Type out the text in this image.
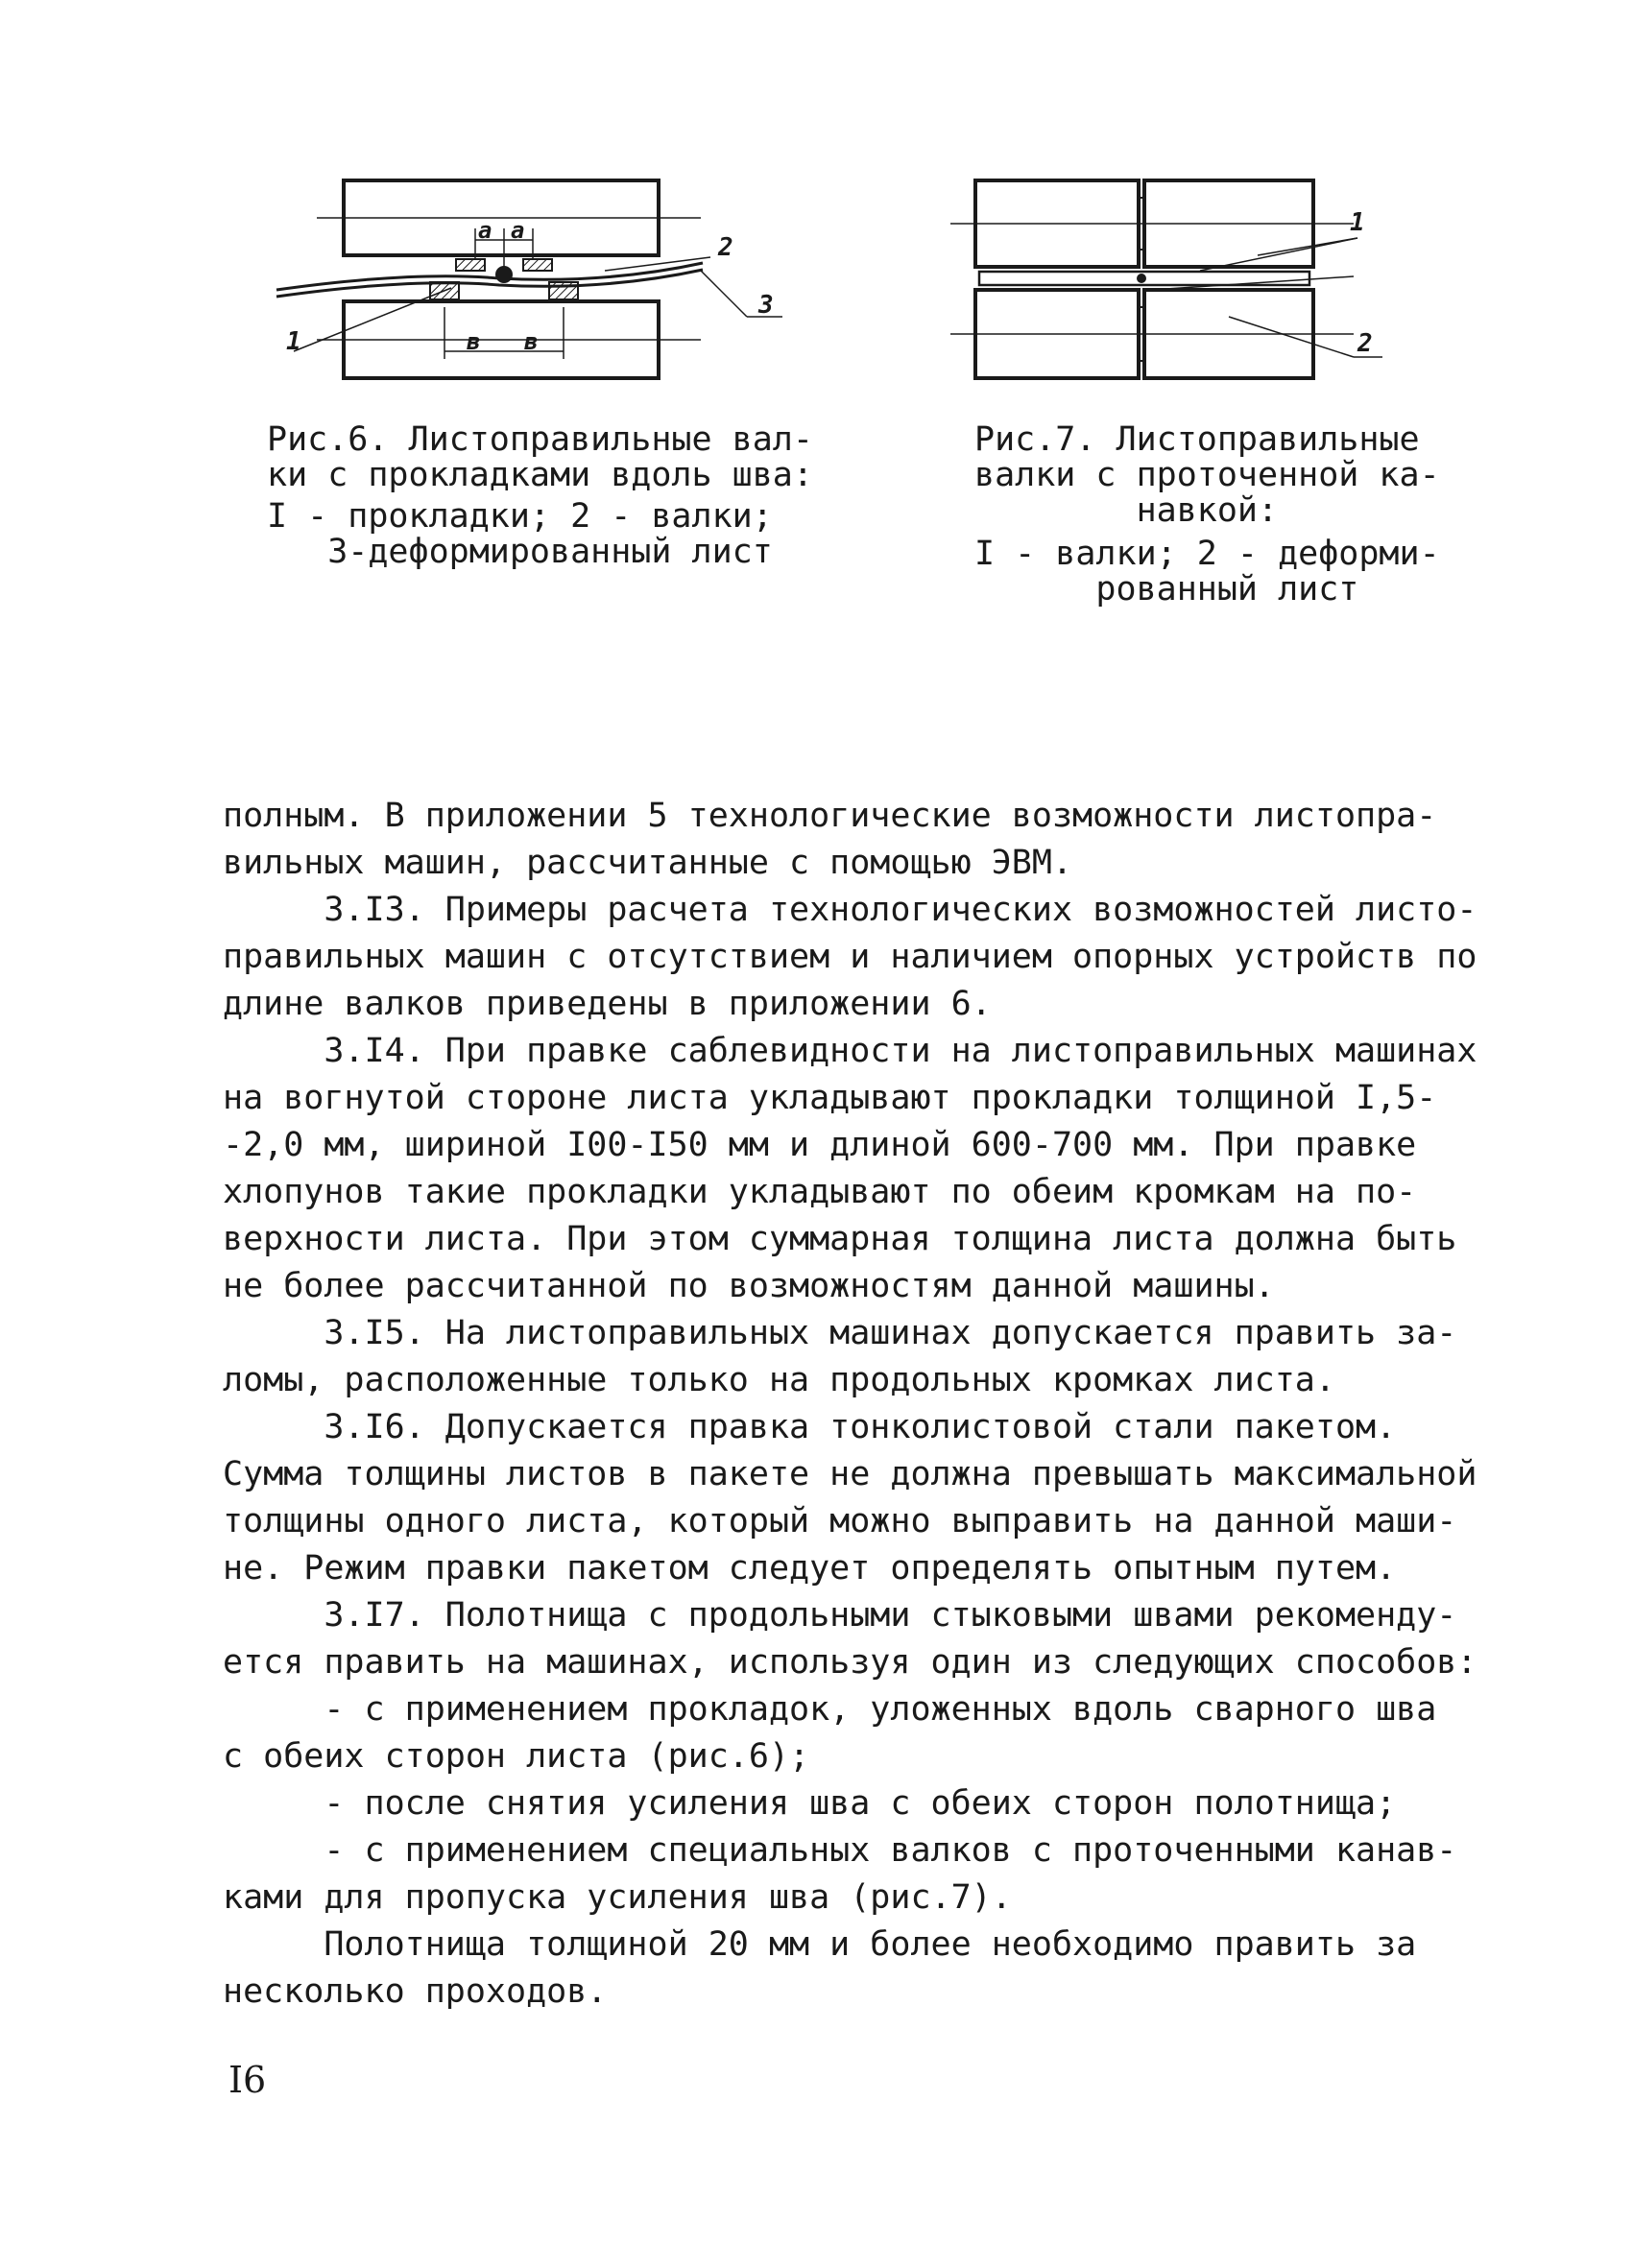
a a
в в
1
2
3
Рис.6. Листоправильные вал-
ки с прокладками вдоль шва:
I - прокладки; 2 - валки;
3-деформированный лист
1
2
Рис.7. Листоправильные
валки с проточенной ка-
навкой:
I - валки; 2 - деформи-
рованный лист

полным. В приложении 5 технологические возможности листопра-

вильных машин, рассчитанные с помощью ЭВМ.

3.I3. Примеры расчета технологических возможностей листо-

правильных машин с отсутствием и наличием опорных устройств по

длине валков приведены в приложении 6.

3.I4. При правке саблевидности на листоправильных машинах

на вогнутой стороне листа укладывают прокладки толщиной I,5-

-2,0 мм, шириной I00-I50 мм и длиной 600-700 мм. При правке

хлопунов такие прокладки укладывают по обеим кромкам на по-

верхности листа. При этом суммарная толщина листа должна быть

не более рассчитанной по возможностям данной машины.

3.I5. На листоправильных машинах допускается править за-

ломы, расположенные только на продольных кромках листа.

3.I6. Допускается правка тонколистовой стали пакетом.

Сумма толщины листов в пакете не должна превышать максимальной

толщины одного листа, который можно выправить на данной маши-

не. Режим правки пакетом следует определять опытным путем.

3.I7. Полотнища с продольными стыковыми швами рекоменду-

ется править на машинах, используя один из следующих способов:

- с применением прокладок, уложенных вдоль сварного шва

с обеих сторон листа (рис.6);

- после снятия усиления шва с обеих сторон полотнища;

- с применением специальных валков с проточенными канав-

ками для пропуска усиления шва (рис.7).

Полотнища толщиной 20 мм и более необходимо править за

несколько проходов.

I6
